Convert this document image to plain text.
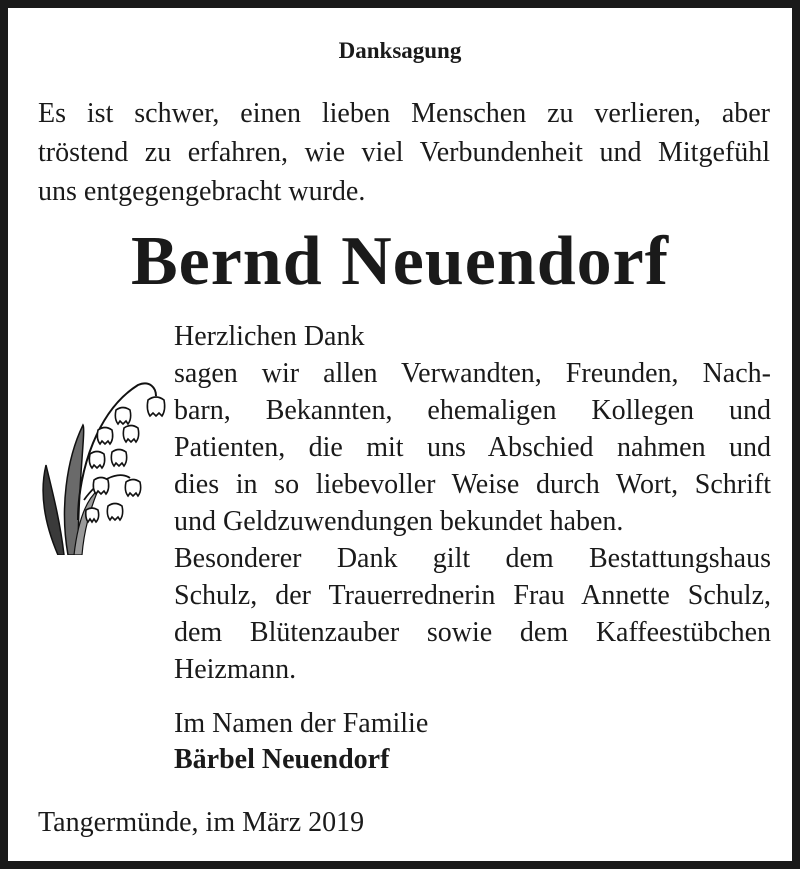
Danksagung
Es ist schwer, einen lieben Menschen zu verlieren, aber
tröstend zu erfahren, wie viel Verbundenheit und Mitgefühl
uns entgegengebracht wurde.
Bernd Neuendorf
Herzlichen Dank
sagen wir allen Verwandten, Freunden, Nach-
barn, Bekannten, ehemaligen Kollegen und
Patienten, die mit uns Abschied nahmen und
dies in so liebevoller Weise durch Wort, Schrift
und Geldzuwendungen bekundet haben.
Besonderer Dank gilt dem Bestattungshaus
Schulz, der Trauerrednerin Frau Annette Schulz,
dem Blütenzauber sowie dem Kaffeestübchen
Heizmann.
Im Namen der Familie
Bärbel Neuendorf
Tangermünde, im März 2019
